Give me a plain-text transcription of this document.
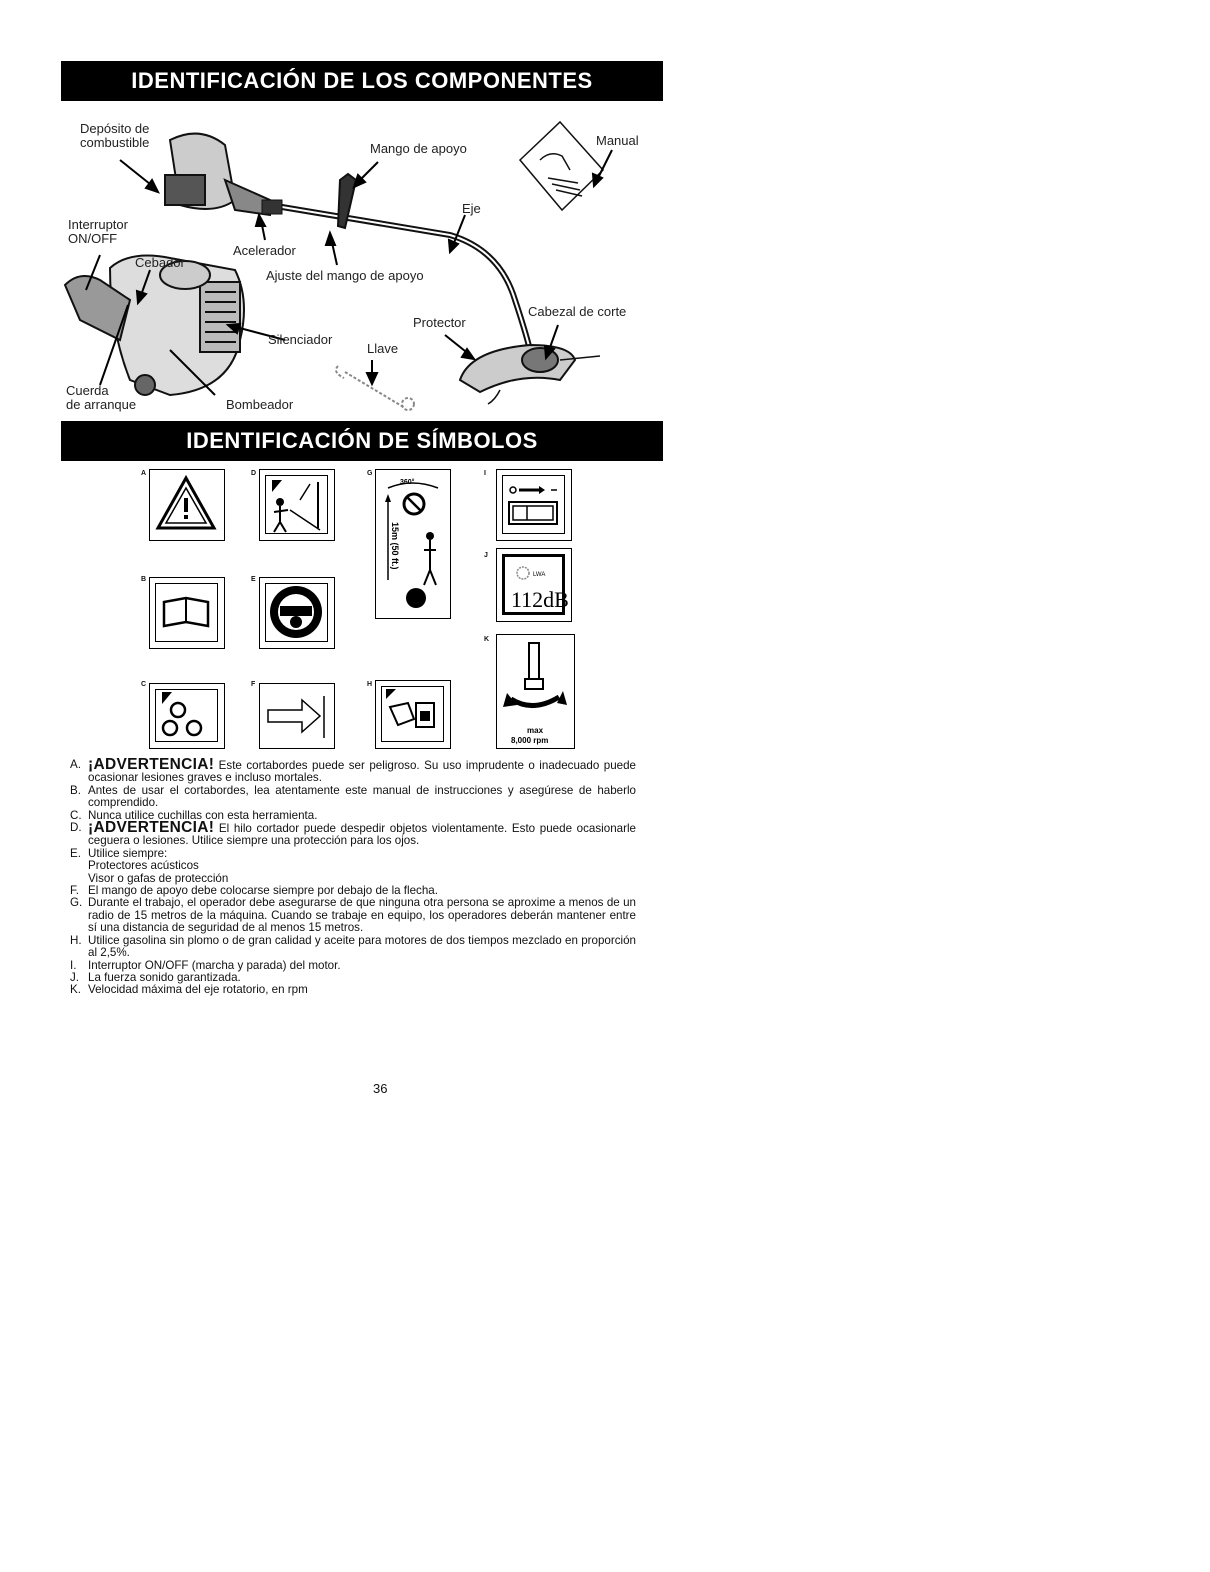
IDENTIFICACIÓN DE LOS COMPONENTES
Depósito de
combustible	Mango de apoyo
Manual
Eje
Interruptor
ON/OFF
Acelerador
Cebador
Ajuste del mango de apoyo
Cabezal de corte
Protector
Silenciador
Llave
Cuerda
de arranque	Bombeador
IDENTIFICACIÓN DE SÍMBOLOS
A
B
C
D
E
F
G
H
I
J
K
360°
15m (50 ft.)
LWA
112dB
max
8,000 rpm
A. ¡ADVERTENCIA! Este cortabordes puede ser peligroso. Su uso imprudente o inadecuado puede ocasionar lesiones graves e incluso mortales.
B. Antes de usar el cortabordes, lea atentamente este manual de instrucciones y asegúrese de haberlo comprendido.
C. Nunca utilice cuchillas con esta herramienta.
D. ¡ADVERTENCIA! El hilo cortador puede despedir objetos violentamente. Esto puede ocasionarle ceguera o lesiones. Utilice siempre una protección para los ojos.
E. Utilice siempre:
Protectores acústicos
Visor o gafas de protección
F. El mango de apoyo debe colocarse siempre por debajo de la flecha.
G. Durante el trabajo, el operador debe asegurarse de que ninguna otra persona se aproxime a menos de un radio de 15 metros de la máquina. Cuando se trabaje en equipo, los operadores deberán mantener entre sí una distancia de seguridad de al menos 15 metros.
H. Utilice gasolina sin plomo o de gran calidad y aceite para motores de dos tiempos mezclado en proporción al 2,5%.
I. Interruptor ON/OFF (marcha y parada) del motor.
J. La fuerza sonido garantizada.
K. Velocidad máxima del eje rotatorio, en rpm
36
